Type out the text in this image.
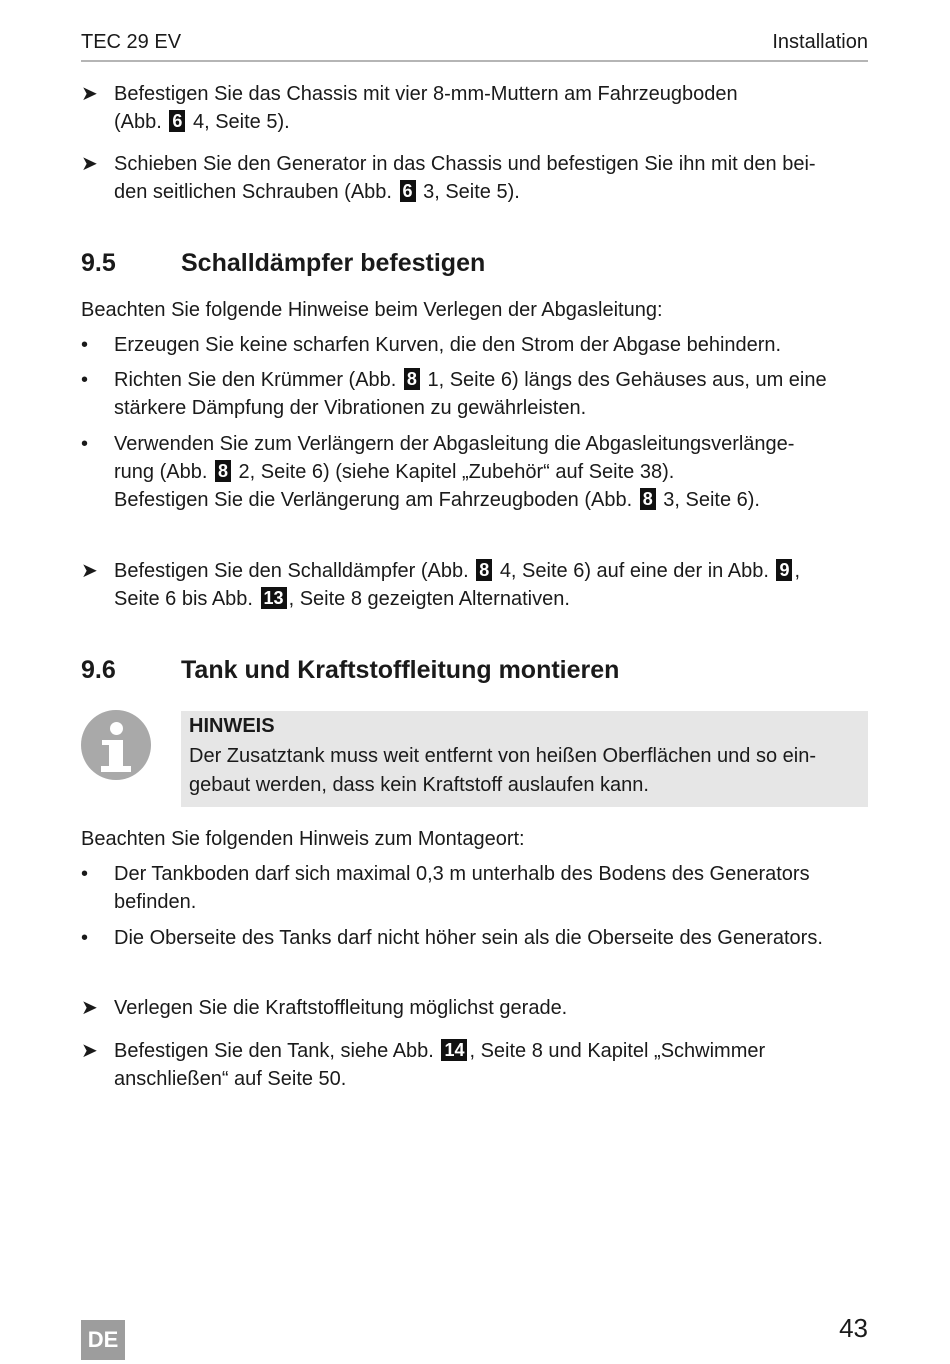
TEC 29 EV	Installation
➤ Befestigen Sie das Chassis mit vier 8-mm-Muttern am Fahrzeugboden
(Abb. 6 4, Seite 5).
➤ Schieben Sie den Generator in das Chassis und befestigen Sie ihn mit den bei-
den seitlichen Schrauben (Abb. 6 3, Seite 5).
9.5	Schalldämpfer befestigen
Beachten Sie folgende Hinweise beim Verlegen der Abgasleitung:
•	Erzeugen Sie keine scharfen Kurven, die den Strom der Abgase behindern.
•	Richten Sie den Krümmer (Abb. 8 1, Seite 6) längs des Gehäuses aus, um eine
stärkere Dämpfung der Vibrationen zu gewährleisten.
•	Verwenden Sie zum Verlängern der Abgasleitung die Abgasleitungsverlänge-
rung (Abb. 8 2, Seite 6) (siehe Kapitel „Zubehör“ auf Seite 38).
Befestigen Sie die Verlängerung am Fahrzeugboden (Abb. 8 3, Seite 6).
➤ Befestigen Sie den Schalldämpfer (Abb. 8 4, Seite 6) auf eine der in Abb. 9 ,
Seite 6 bis Abb. 13 , Seite 8 gezeigten Alternativen.
9.6	Tank und Kraftstoffleitung montieren
HINWEIS
Der Zusatztank muss weit entfernt von heißen Oberflächen und so ein-
gebaut werden, dass kein Kraftstoff auslaufen kann.
Beachten Sie folgenden Hinweis zum Montageort:
•	Der Tankboden darf sich maximal 0,3 m unterhalb des Bodens des Generators
befinden.
•	Die Oberseite des Tanks darf nicht höher sein als die Oberseite des Generators.
➤ Verlegen Sie die Kraftstoffleitung möglichst gerade.
➤ Befestigen Sie den Tank, siehe Abb. 14 , Seite 8 und Kapitel „Schwimmer
anschließen“ auf Seite 50.
DE	43
